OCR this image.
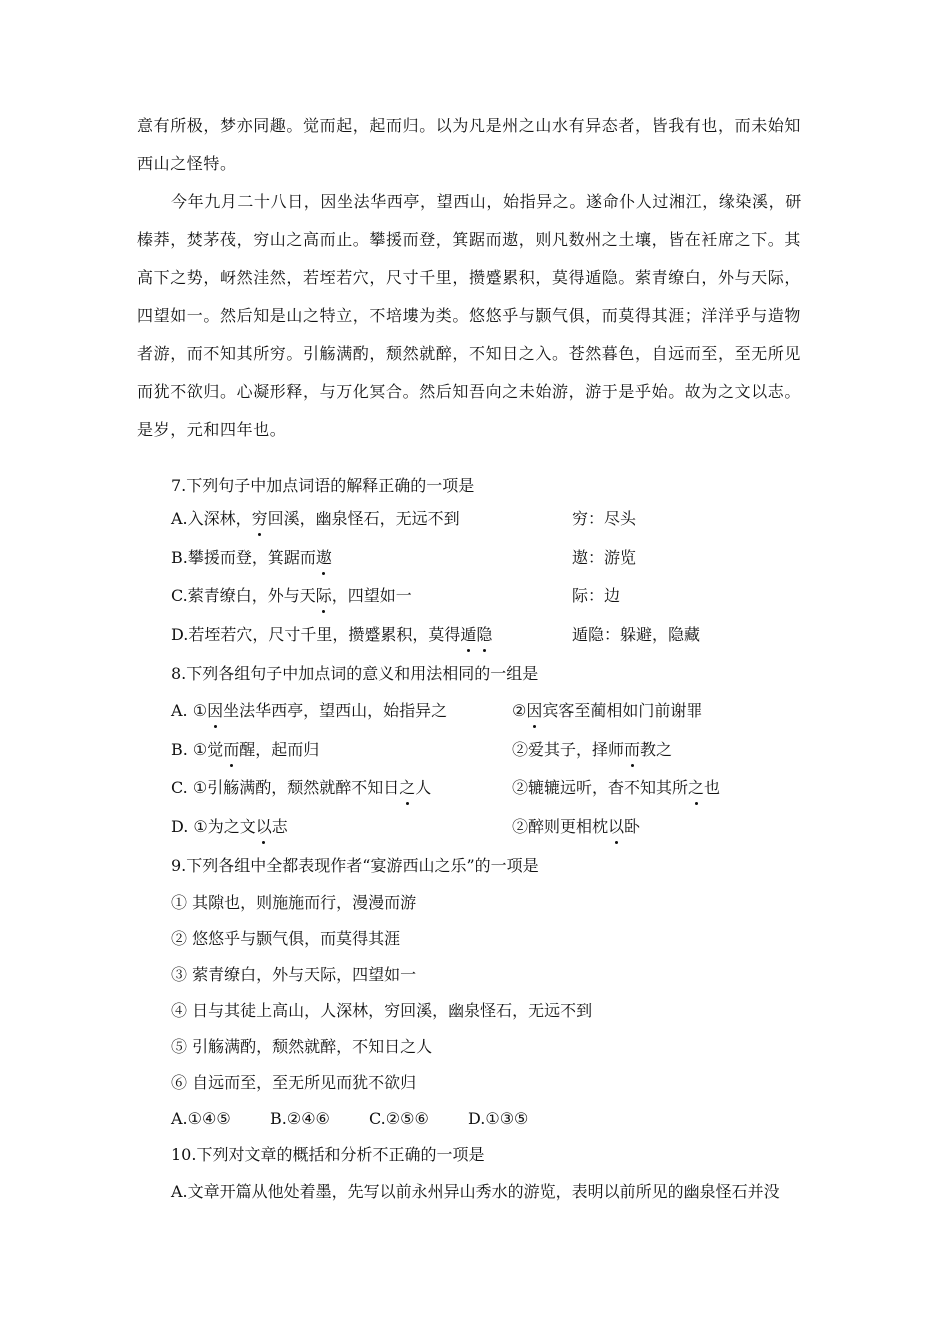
意有所极，梦亦同趣。觉而起，起而归。以为凡是州之山水有异态者，皆我有也，而未始知
西山之怪特。
今年九月二十八日，因坐法华西亭，望西山，始指异之。遂命仆人过湘江，缘染溪，研
榛莽，焚茅茷，穷山之高而止。攀援而登，箕踞而遨，则凡数州之土壤，皆在衽席之下。其
高下之势，岈然洼然，若垤若穴，尺寸千里，攒蹙累积，莫得遁隐。萦青缭白，外与天际，
四望如一。然后知是山之特立，不培塿为类。悠悠乎与颢气俱，而莫得其涯；洋洋乎与造物
者游，而不知其所穷。引觞满酌，颓然就醉，不知日之入。苍然暮色，自远而至，至无所见
而犹不欲归。心凝形释，与万化冥合。然后知吾向之未始游，游于是乎始。故为之文以志。
是岁，元和四年也。
7.下列句子中加点词语的解释正确的一项是
A.入深林，穷回溪，幽泉怪石，无远不到	穷：尽头
B.攀援而登，箕踞而遨	遨：游览
C.萦青缭白，外与天际，四望如一	际：边
D.若垤若穴，尺寸千里，攒蹙累积，莫得遁隐	遁隐：躲避，隐藏
8.下列各组句子中加点词的意义和用法相同的一组是
A. ①因坐法华西亭，望西山，始指异之	②因宾客至蔺相如门前谢罪
B. ①觉而醒，起而归	②爱其子，择师而教之
C. ①引觞满酌，颓然就醉不知日之人	②辘辘远听，杳不知其所之也
D. ①为之文以志	②醉则更相枕以卧
9.下列各组中全都表现作者“宴游西山之乐”的一项是
① 其隙也，则施施而行，漫漫而游
② 悠悠乎与颢气俱，而莫得其涯
③ 萦青缭白，外与天际，四望如一
④ 日与其徒上高山，人深林，穷回溪，幽泉怪石，无远不到
⑤ 引觞满酌，颓然就醉，不知日之人
⑥ 自远而至，至无所见而犹不欲归
A.①④⑤ B.②④⑥ C.②⑤⑥ D.①③⑤
10.下列对文章的概括和分析不正确的一项是
A.文章开篇从他处着墨，先写以前永州异山秀水的游览，表明以前所见的幽泉怪石并没
